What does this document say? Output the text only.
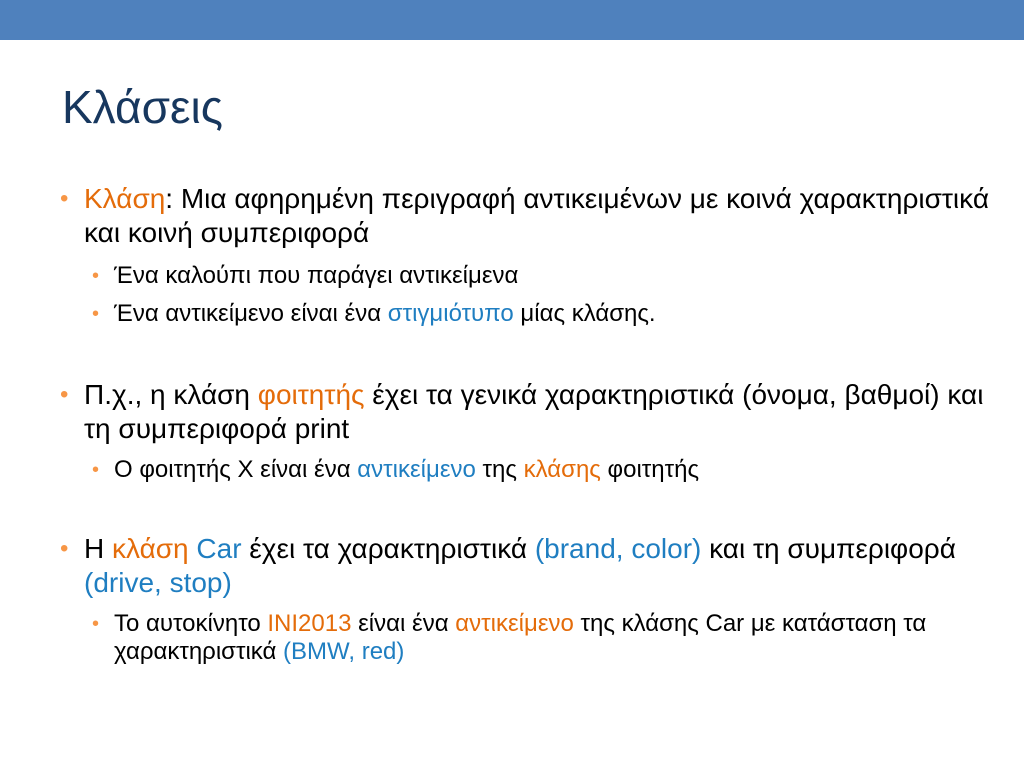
Κλάσεις

• Κλάση: Μια αφηρημένη περιγραφή αντικειμένων με κοινά χαρακτηριστικά και κοινή συμπεριφορά

• Ένα καλούπι που παράγει αντικείμενα

• Ένα αντικείμενο είναι ένα στιγμιότυπο μίας κλάσης.

• Π.χ., η κλάση φοιτητής έχει τα γενικά χαρακτηριστικά (όνομα, βαθμοί) και τη συμπεριφορά print

• Ο φοιτητής Χ είναι ένα αντικείμενο της κλάσης φοιτητής

• Η κλάση Car έχει τα χαρακτηριστικά (brand, color) και τη συμπεριφορά (drive, stop)

• Το αυτοκίνητο INI2013 είναι ένα αντικείμενο της κλάσης Car με κατάσταση τα χαρακτηριστικά (BMW, red)
